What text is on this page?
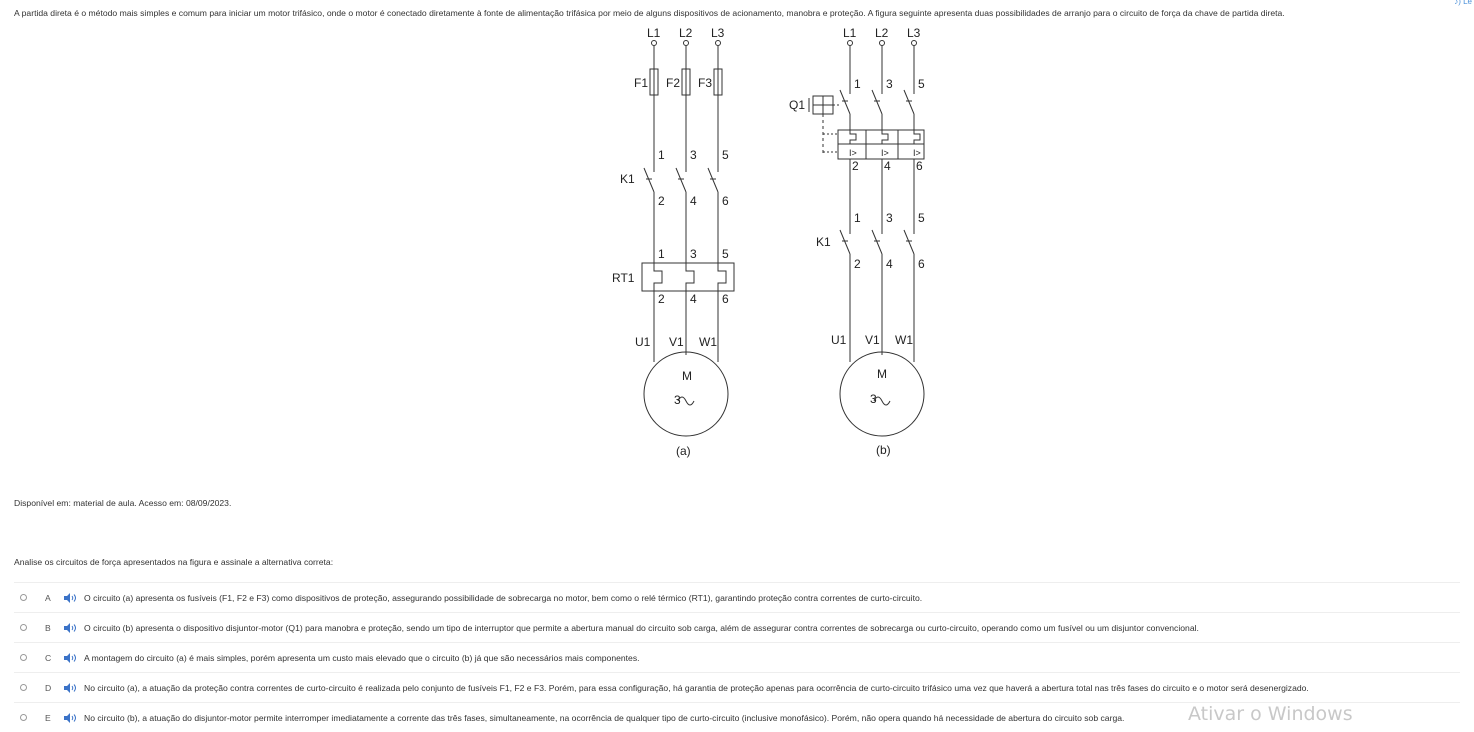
A partida direta é o método mais simples e comum para iniciar um motor trifásico, onde o motor é conectado diretamente à fonte de alimentação trifásica por meio de alguns dispositivos de acionamento, manobra e proteção. A figura seguinte apresenta duas possibilidades de arranjo para o circuito de força da chave de partida direta.
♪) Le
L1 L2 L3
F1 F2 F3
1 3 5
K1
2 4 6
1 3 5
RT1
2 4 6
U1 V1 W1
M
3
(a)
L1 L2 L3
1 3 5
Q1
2 4 6
1 3 5
K1
2 4 6
U1 V1 W1
M
3
(b)
I>	I>	I>
Disponível em: material de aula. Acesso em: 08/09/2023.
Analise os circuitos de força apresentados na figura e assinale a alternativa correta:
A	O circuito (a) apresenta os fusíveis (F1, F2 e F3) como dispositivos de proteção, assegurando possibilidade de sobrecarga no motor, bem como o relé térmico (RT1), garantindo proteção contra correntes de curto-circuito.
B	O circuito (b) apresenta o dispositivo disjuntor-motor (Q1) para manobra e proteção, sendo um tipo de interruptor que permite a abertura manual do circuito sob carga, além de assegurar contra correntes de sobrecarga ou curto-circuito, operando como um fusível ou um disjuntor convencional.
C	A montagem do circuito (a) é mais simples, porém apresenta um custo mais elevado que o circuito (b) já que são necessários mais componentes.
D	No circuito (a), a atuação da proteção contra correntes de curto-circuito é realizada pelo conjunto de fusíveis F1, F2 e F3. Porém, para essa configuração, há garantia de proteção apenas para ocorrência de curto-circuito trifásico uma vez que haverá a abertura total nas três fases do circuito e o motor será desenergizado.
E	No circuito (b), a atuação do disjuntor-motor permite interromper imediatamente a corrente das três fases, simultaneamente, na ocorrência de qualquer tipo de curto-circuito (inclusive monofásico). Porém, não opera quando há necessidade de abertura do circuito sob carga.	Ativar o Windows
